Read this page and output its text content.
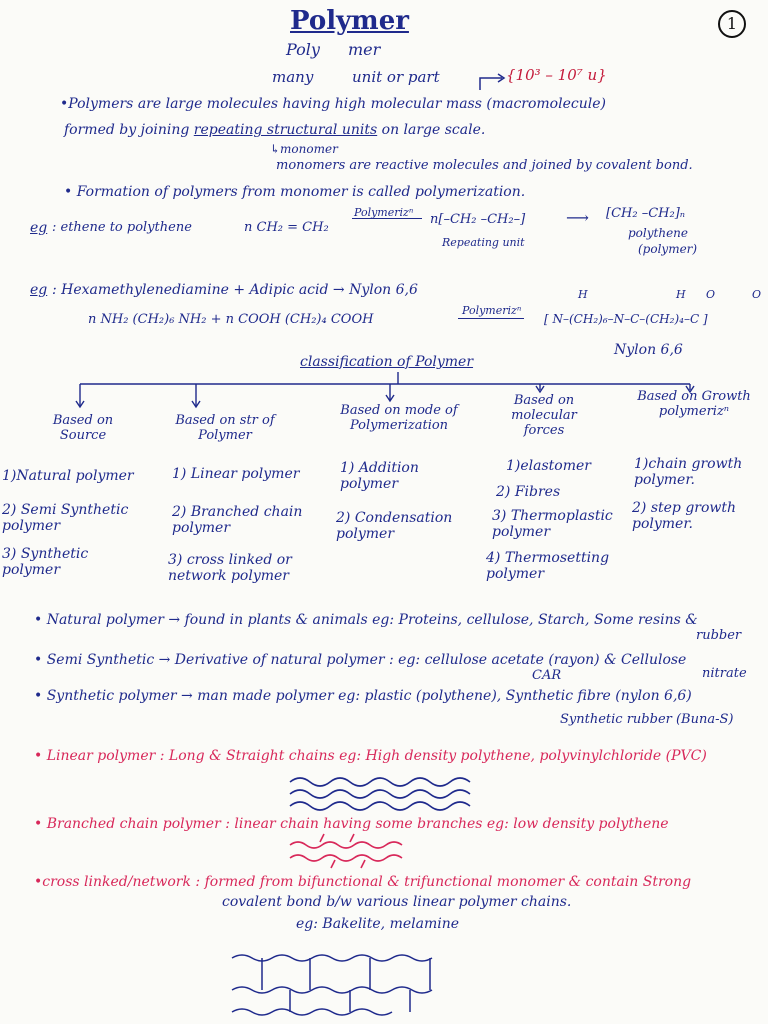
Polymer	1
Poly mer
many	unit or part	{10³ – 10⁷ u}
•Polymers are large molecules having high molecular mass (macromolecule)
formed by joining repeating structural units on large scale.
↳monomer
monomers are reactive molecules and joined by covalent bond.
• Formation of polymers from monomer is called polymerization.
eg : ethene to polythene	n CH₂ = CH₂
Polymerizⁿ n[–CH₂ –CH₂–]	⟶ [CH₂ –CH₂]ₙ
Repeating unit
polythene
(polymer)
eg : Hexamethylenediamine + Adipic acid → Nylon 6,6
n NH₂ (CH₂)₆ NH₂ + n COOH (CH₂)₄ COOH
Polymerizⁿ
H	H O	O
[ N–(CH₂)₆–N–C–(CH₂)₄–C ]
Nylon 6,6
classification of Polymer
Based on Source
Based on str of Polymer
Based on mode of Polymerization
Based on molecular forces
Based on Growth polymerizⁿ
1)Natural polymer
2) Semi Synthetic polymer
3) Synthetic polymer
1) Linear polymer
2) Branched chain polymer
3) cross linked or network polymer
1) Addition polymer
2) Condensation polymer
1)elastomer
2) Fibres
3) Thermoplastic polymer
4) Thermosetting polymer
1)chain growth polymer.
2) step growth polymer.
• Natural polymer → found in plants & animals eg: Proteins, cellulose, Starch, Some resins &
rubber
• Semi Synthetic → Derivative of natural polymer : eg: cellulose acetate (rayon) & Cellulose
nitrate
CAR
• Synthetic polymer → man made polymer eg: plastic (polythene), Synthetic fibre (nylon 6,6)
Synthetic rubber (Buna-S)
• Linear polymer : Long & Straight chains eg: High density polythene, polyvinylchloride (PVC)
• Branched chain polymer : linear chain having some branches eg: low density polythene
•cross linked/network : formed from bifunctional & trifunctional monomer & contain Strong
covalent bond b/w various linear polymer chains.
eg: Bakelite, melamine
